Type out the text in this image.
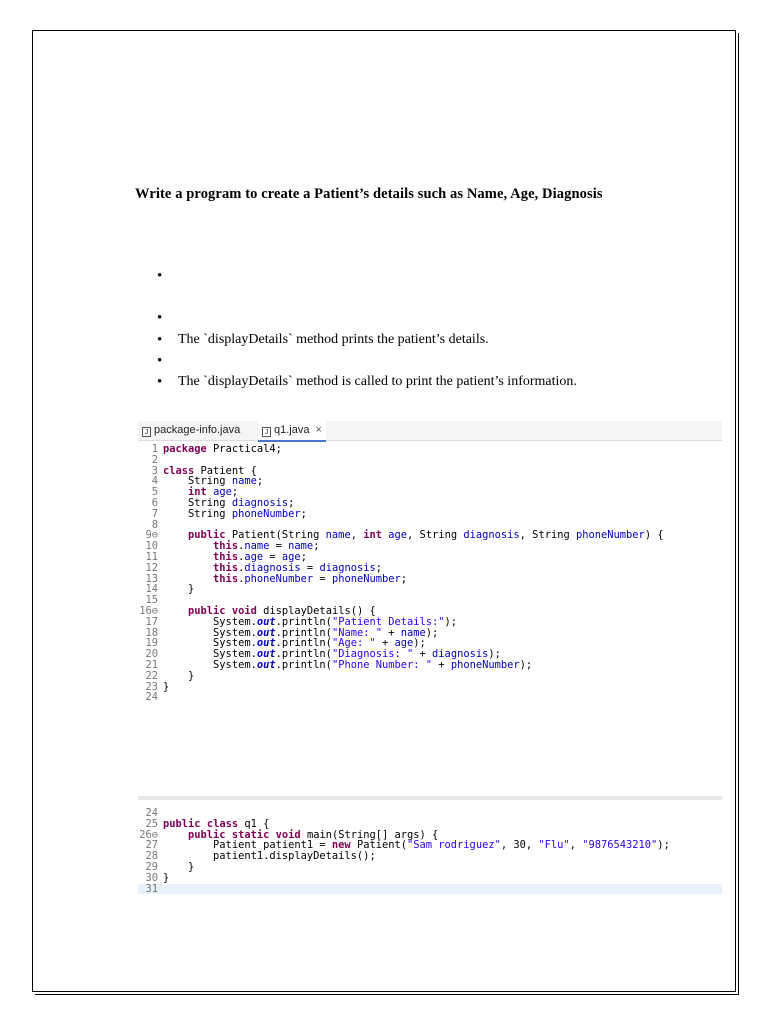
Write a program to create a Patient’s details such as Name, Age, Diagnosis
The `displayDetails` method prints the patient’s details.
The `displayDetails` method is called to print the patient’s information.
J package-info.java	J q1.java ×
1 package Practical4;
2
3 class Patient {
4    String name;
5	int age;
6    String diagnosis;
7    String phoneNumber;
8
9⊖	public Patient(String name, int age, String diagnosis, String phoneNumber) {
10	this.name = name;
11	this.age = age;
12	this.diagnosis = diagnosis;
13	this.phoneNumber = phoneNumber;
14    }
15
16⊖	public void displayDetails() {
17        System.out.println("Patient Details:");
18        System.out.println("Name: " + name);
19        System.out.println("Age: " + age);
20        System.out.println("Diagnosis: " + diagnosis);
21        System.out.println("Phone Number: " + phoneNumber);
22    }
23 }
24
24
25 public class q1 {
26⊖	public static void main(String[] args) {
27        Patient patient1 = new Patient("Sam rodriguez", 30, "Flu", "9876543210");
28        patient1.displayDetails();
29    }
30 }
31
